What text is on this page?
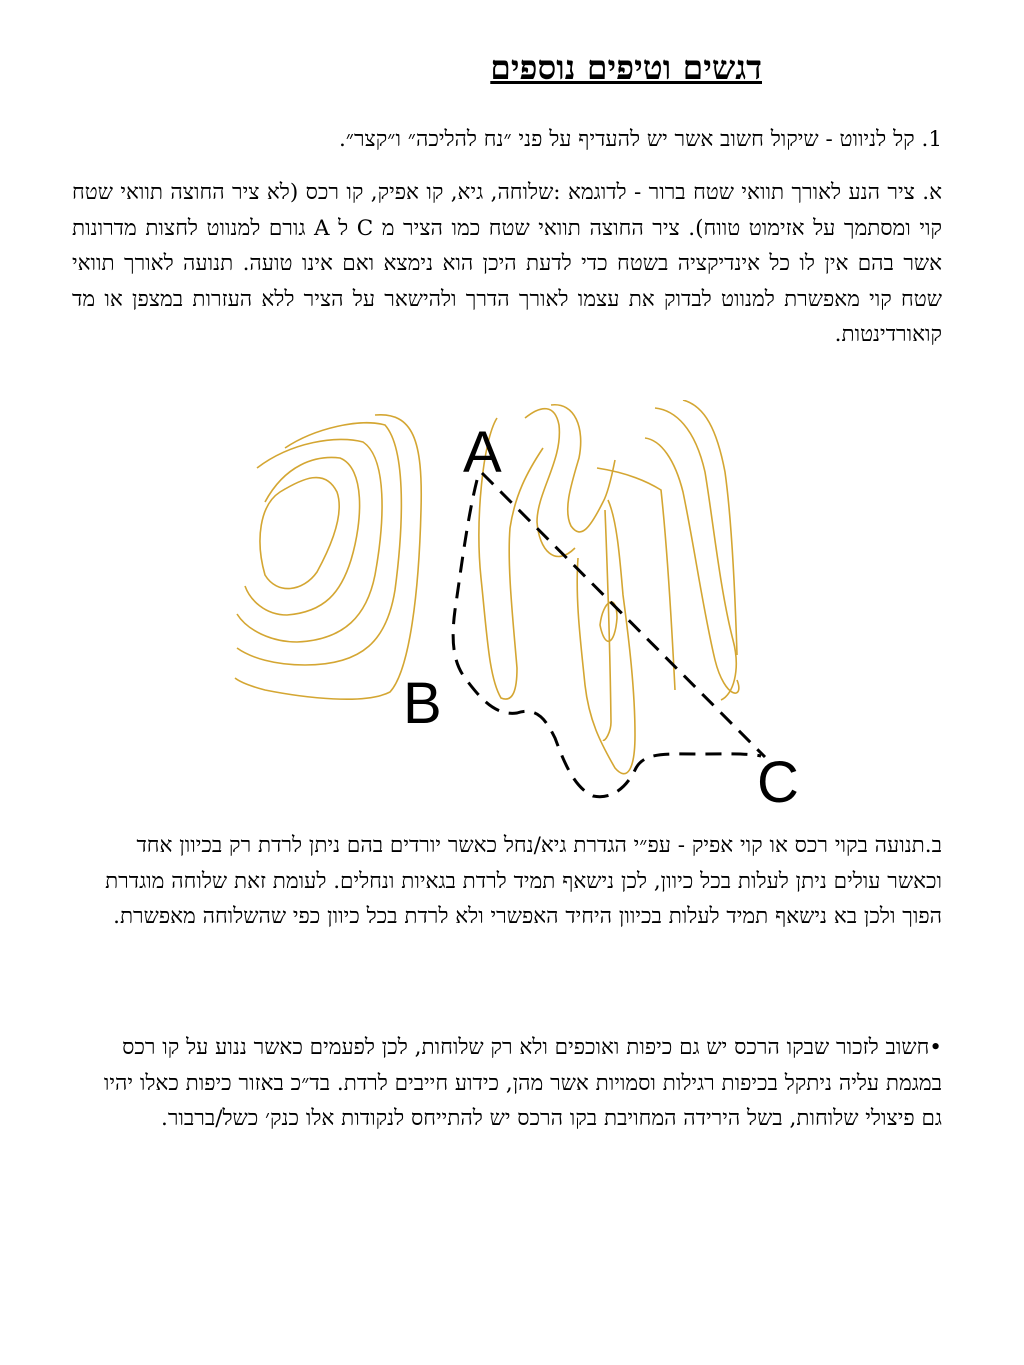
דגשים וטיפים נוספים
1. קל לניווט - שיקול חשוב אשר יש להעדיף על פני ״נח להליכה״ ו״קצר״.
א. ציר הנע לאורך תוואי שטח ברור - לדוגמא :שלוחה, גיא, קו אפיק, קו רכס (לא ציר החוצה תוואי שטח קוי ומסתמך על אזימוט טווח). ציר החוצה תוואי שטח כמו הציר מ C ל A גורם למנווט לחצות מדרונות אשר בהם אין לו כל אינדיקציה בשטח כדי לדעת היכן הוא נימצא ואם אינו טועה. תנועה לאורך תוואי שטח קוי מאפשרת למנווט לבדוק את עצמו לאורך הדרך ולהישאר על הציר ללא העזרות במצפן או מד קואורדינטות.
A
B
C
ב.תנועה בקוי רכס או קוי אפיק - עפ״י הגדרת גיא/נחל כאשר יורדים בהם ניתן לרדת רק בכיוון אחד וכאשר עולים ניתן לעלות בכל כיוון, לכן נישאף תמיד לרדת בגאיות ונחלים. לעומת זאת שלוחה מוגדרת הפוך ולכן בא נישאף תמיד לעלות בכיוון היחיד האפשרי ולא לרדת בכל כיוון כפי שהשלוחה מאפשרת.
•חשוב לזכור שבקו הרכס יש גם כיפות ואוכפים ולא רק שלוחות, לכן לפעמים כאשר ננוע על קו רכס במגמת עליה ניתקל בכיפות רגילות וסמויות אשר מהן, כידוע חייבים לרדת. בד״כ באזור כיפות כאלו יהיו גם פיצולי שלוחות, בשל הירידה המחויבת בקו הרכס יש להתייחס לנקודות אלו כנק׳ כשל/ברבור.
